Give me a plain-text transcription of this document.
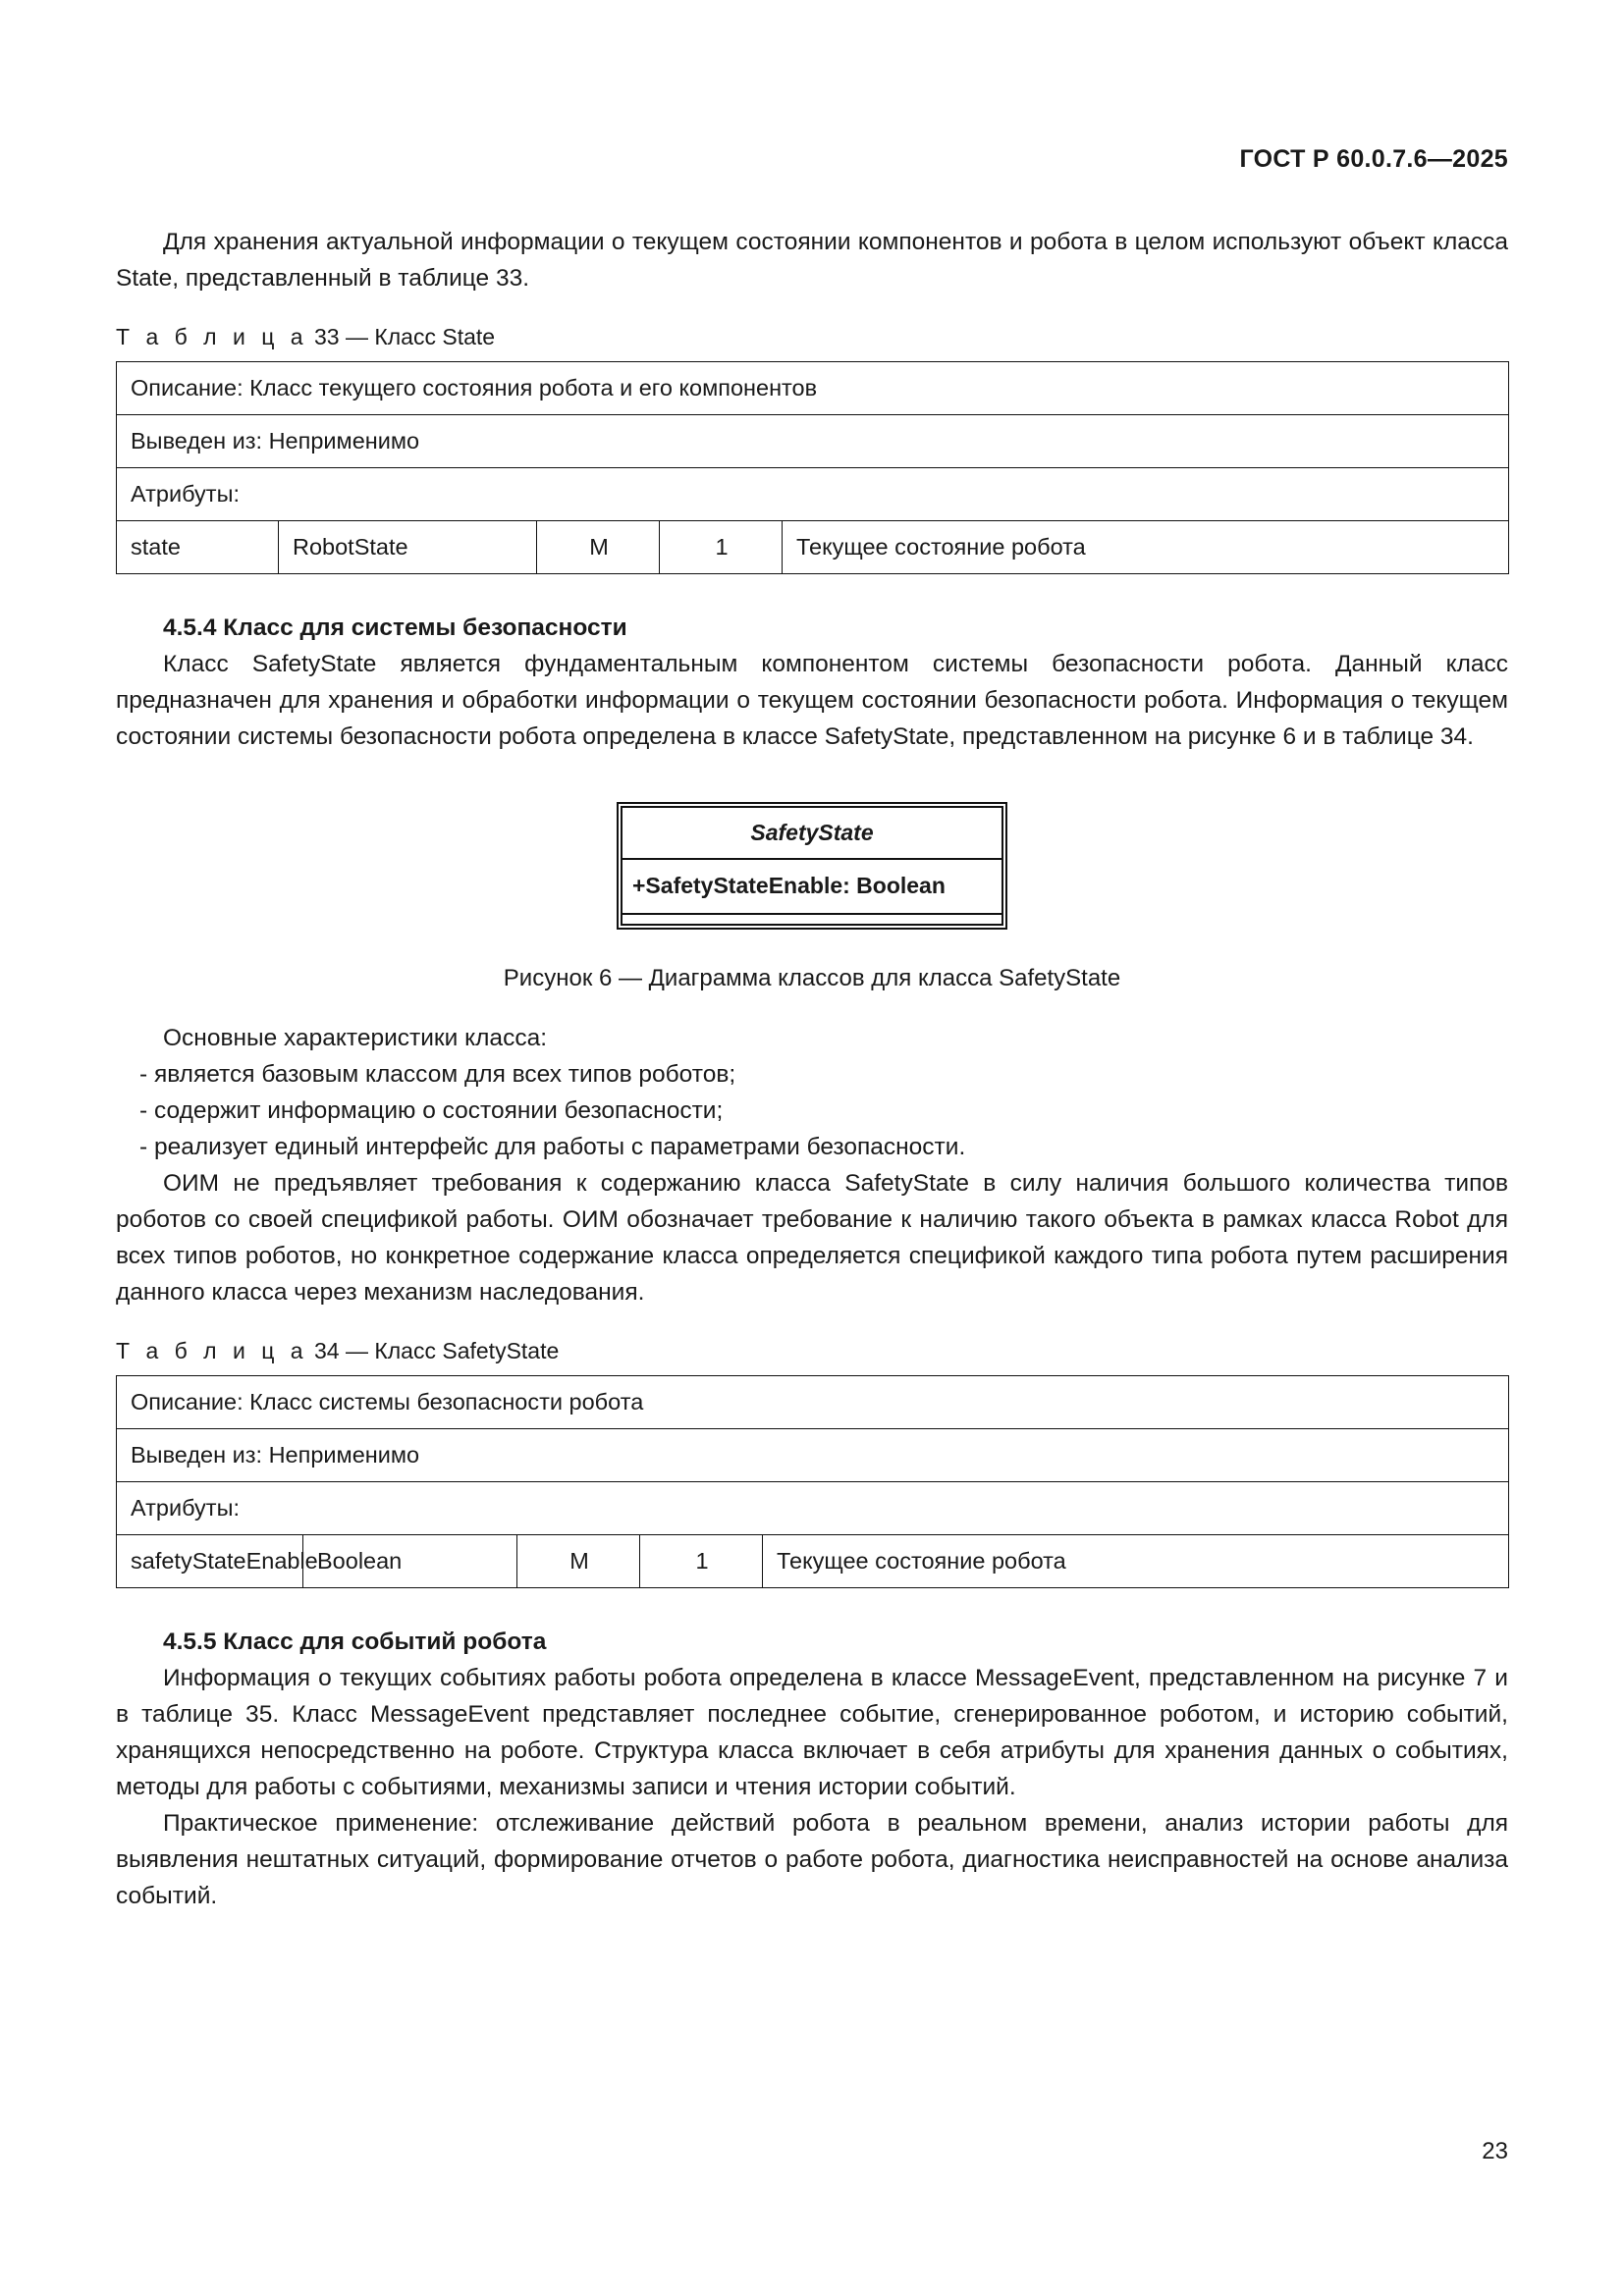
ГОСТ Р 60.0.7.6—2025

Для хранения актуальной информации о текущем состоянии компонентов и робота в целом используют объект класса State, представленный в таблице 33.

Т а б л и ц а 33 — Класс State
Описание: Класс текущего состояния робота и его компонентов
Выведен из: Неприменимо
Атрибуты:
state	RobotState	M	1	Текущее состояние робота
4.5.4 Класс для системы безопасности

Класс SafetyState является фундаментальным компонентом системы безопасности робота. Данный класс предназначен для хранения и обработки информации о текущем состоянии безопасности робота. Информация о текущем состоянии системы безопасности робота определена в классе SafetyState, представленном на рисунке 6 и в таблице 34.

SafetyState
+SafetyStateEnable: Boolean
Рисунок 6 — Диаграмма классов для класса SafetyState

Основные характеристики класса:

- является базовым классом для всех типов роботов;
- содержит информацию о состоянии безопасности;
- реализует единый интерфейс для работы с параметрами безопасности.

ОИМ не предъявляет требования к содержанию класса SafetyState в силу наличия большого количества типов роботов со своей спецификой работы. ОИМ обозначает требование к наличию такого объекта в рамках класса Robot для всех типов роботов, но конкретное содержание класса определяется спецификой каждого типа робота путем расширения данного класса через механизм наследования.

Т а б л и ц а 34 — Класс SafetyState
Описание: Класс системы безопасности робота
Выведен из: Неприменимо
Атрибуты:
safetyStateEnable	Boolean	M	1	Текущее состояние робота
4.5.5 Класс для событий робота

Информация о текущих событиях работы робота определена в классе MessageEvent, представленном на рисунке 7 и в таблице 35. Класс MessageEvent представляет последнее событие, сгенерированное роботом, и историю событий, хранящихся непосредственно на роботе. Структура класса включает в себя атрибуты для хранения данных о событиях, методы для работы с событиями, механизмы записи и чтения истории событий.

Практическое применение: отслеживание действий робота в реальном времени, анализ истории работы для выявления нештатных ситуаций, формирование отчетов о работе робота, диагностика неисправностей на основе анализа событий.

23
